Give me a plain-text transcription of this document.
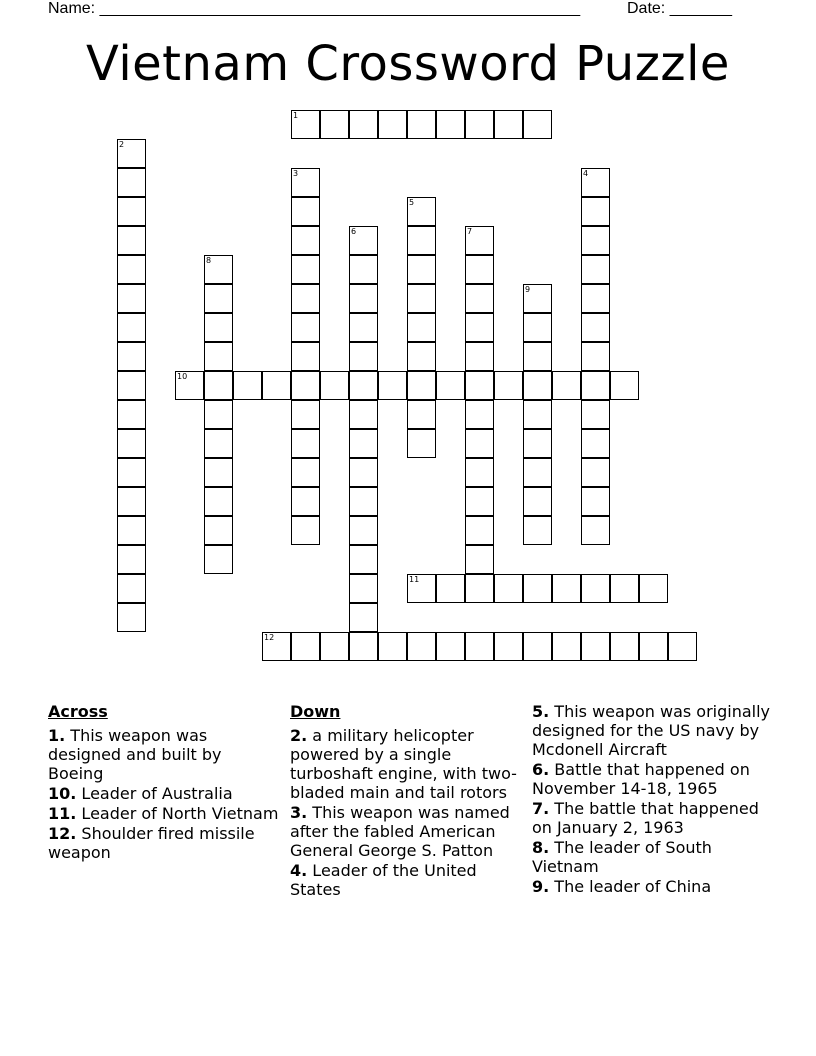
Name: ______________________________________________________	Date: _______
Vietnam Crossword Puzzle
1
2
3	4
5
6	7
8
9
10
11
12
Across
1. This weapon was designed and built by Boeing
10. Leader of Australia
11. Leader of North Vietnam
12. Shoulder fired missile weapon
Down
2. a military helicopter powered by a single turboshaft engine, with two-bladed main and tail rotors
3. This weapon was named after the fabled American General George S. Patton
4. Leader of the United States
5. This weapon was originally designed for the US navy by Mcdonell Aircraft
6. Battle that happened on November 14-18, 1965
7. The battle that happened on January 2, 1963
8. The leader of South Vietnam
9. The leader of China
